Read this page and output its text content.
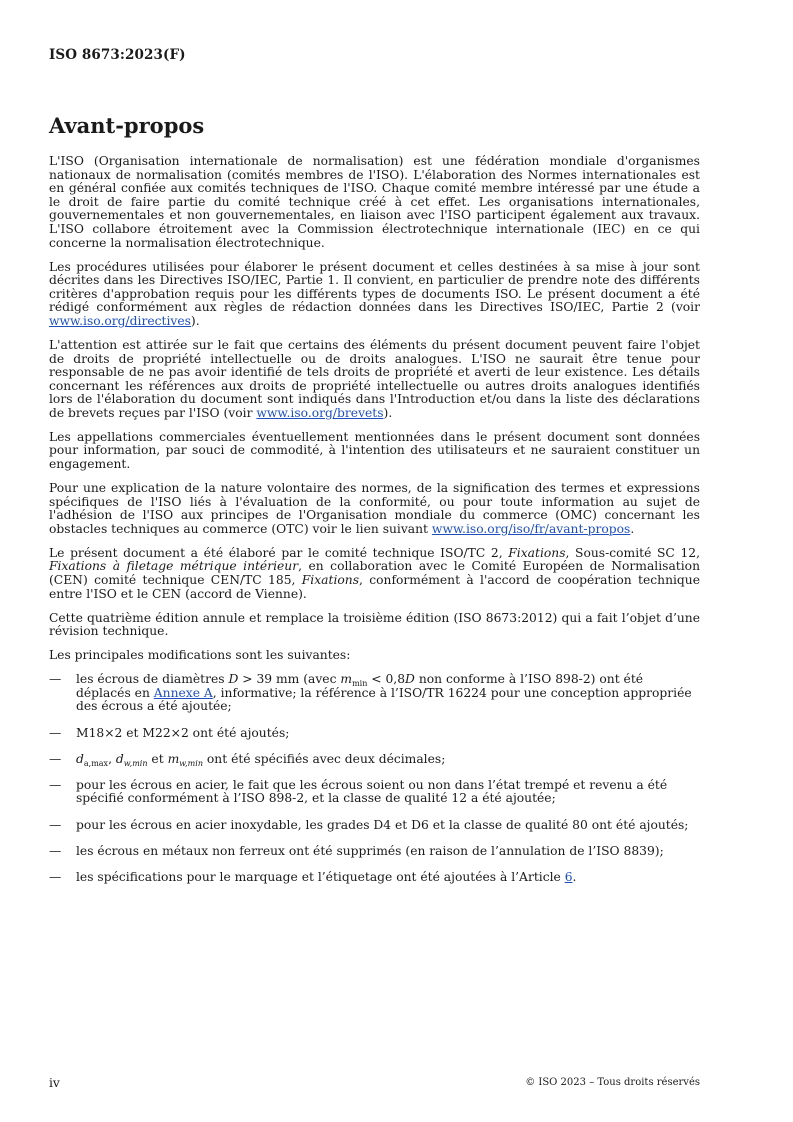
ISO 8673:2023(F)
Avant-propos

L'ISO (Organisation internationale de normalisation) est une fédération mondiale d'organismes nationaux de normalisation (comités membres de l'ISO). L'élaboration des Normes internationales est en général confiée aux comités techniques de l'ISO. Chaque comité membre intéressé par une étude a le droit de faire partie du comité technique créé à cet effet. Les organisations internationales, gouvernementales et non gouvernementales, en liaison avec l'ISO participent également aux travaux. L'ISO collabore étroitement avec la Commission électrotechnique internationale (IEC) en ce qui concerne la normalisation électrotechnique.

Les procédures utilisées pour élaborer le présent document et celles destinées à sa mise à jour sont décrites dans les Directives ISO/IEC, Partie 1. Il convient, en particulier de prendre note des différents critères d'approbation requis pour les différents types de documents ISO. Le présent document a été rédigé conformément aux règles de rédaction données dans les Directives ISO/IEC, Partie 2 (voir www.iso.org/directives).

L'attention est attirée sur le fait que certains des éléments du présent document peuvent faire l'objet de droits de propriété intellectuelle ou de droits analogues. L'ISO ne saurait être tenue pour responsable de ne pas avoir identifié de tels droits de propriété et averti de leur existence. Les détails concernant les références aux droits de propriété intellectuelle ou autres droits analogues identifiés lors de l'élaboration du document sont indiqués dans l'Introduction et/ou dans la liste des déclarations de brevets reçues par l'ISO (voir www.iso.org/brevets).

Les appellations commerciales éventuellement mentionnées dans le présent document sont données pour information, par souci de commodité, à l'intention des utilisateurs et ne sauraient constituer un engagement.

Pour une explication de la nature volontaire des normes, de la signification des termes et expressions spécifiques de l'ISO liés à l'évaluation de la conformité, ou pour toute information au sujet de l'adhésion de l'ISO aux principes de l'Organisation mondiale du commerce (OMC) concernant les obstacles techniques au commerce (OTC) voir le lien suivant www.iso.org/iso/fr/avant-propos.

Le présent document a été élaboré par le comité technique ISO/TC 2, Fixations, Sous-comité SC 12, Fixations à filetage métrique intérieur, en collaboration avec le Comité Européen de Normalisation (CEN) comité technique CEN/TC 185, Fixations, conformément à l'accord de coopération technique entre l'ISO et le CEN (accord de Vienne).

Cette quatrième édition annule et remplace la troisième édition (ISO 8673:2012) qui a fait l’objet d’une révision technique.

Les principales modifications sont les suivantes:

— les écrous de diamètres D > 39 mm (avec $m_{min} < 0,8D$ non conforme à l’ISO 898-2) ont été déplacés en Annexe A, informative; la référence à l’ISO/TR 16224 pour une conception appropriée des écrous a été ajoutée;
— M18×2 et M22×2 ont été ajoutés;
— $d_{a,max}$, $d_{w,min}$ et $m_{w,min}$ ont été spécifiés avec deux décimales;
— pour les écrous en acier, le fait que les écrous soient ou non dans l’état trempé et revenu a été spécifié conformément à l’ISO 898-2, et la classe de qualité 12 a été ajoutée;
— pour les écrous en acier inoxydable, les grades D4 et D6 et la classe de qualité 80 ont été ajoutés;
— les écrous en métaux non ferreux ont été supprimés (en raison de l’annulation de l’ISO 8839);
— les spécifications pour le marquage et l’étiquetage ont été ajoutées à l’Article 6.
iv	© ISO 2023 – Tous droits réservés
